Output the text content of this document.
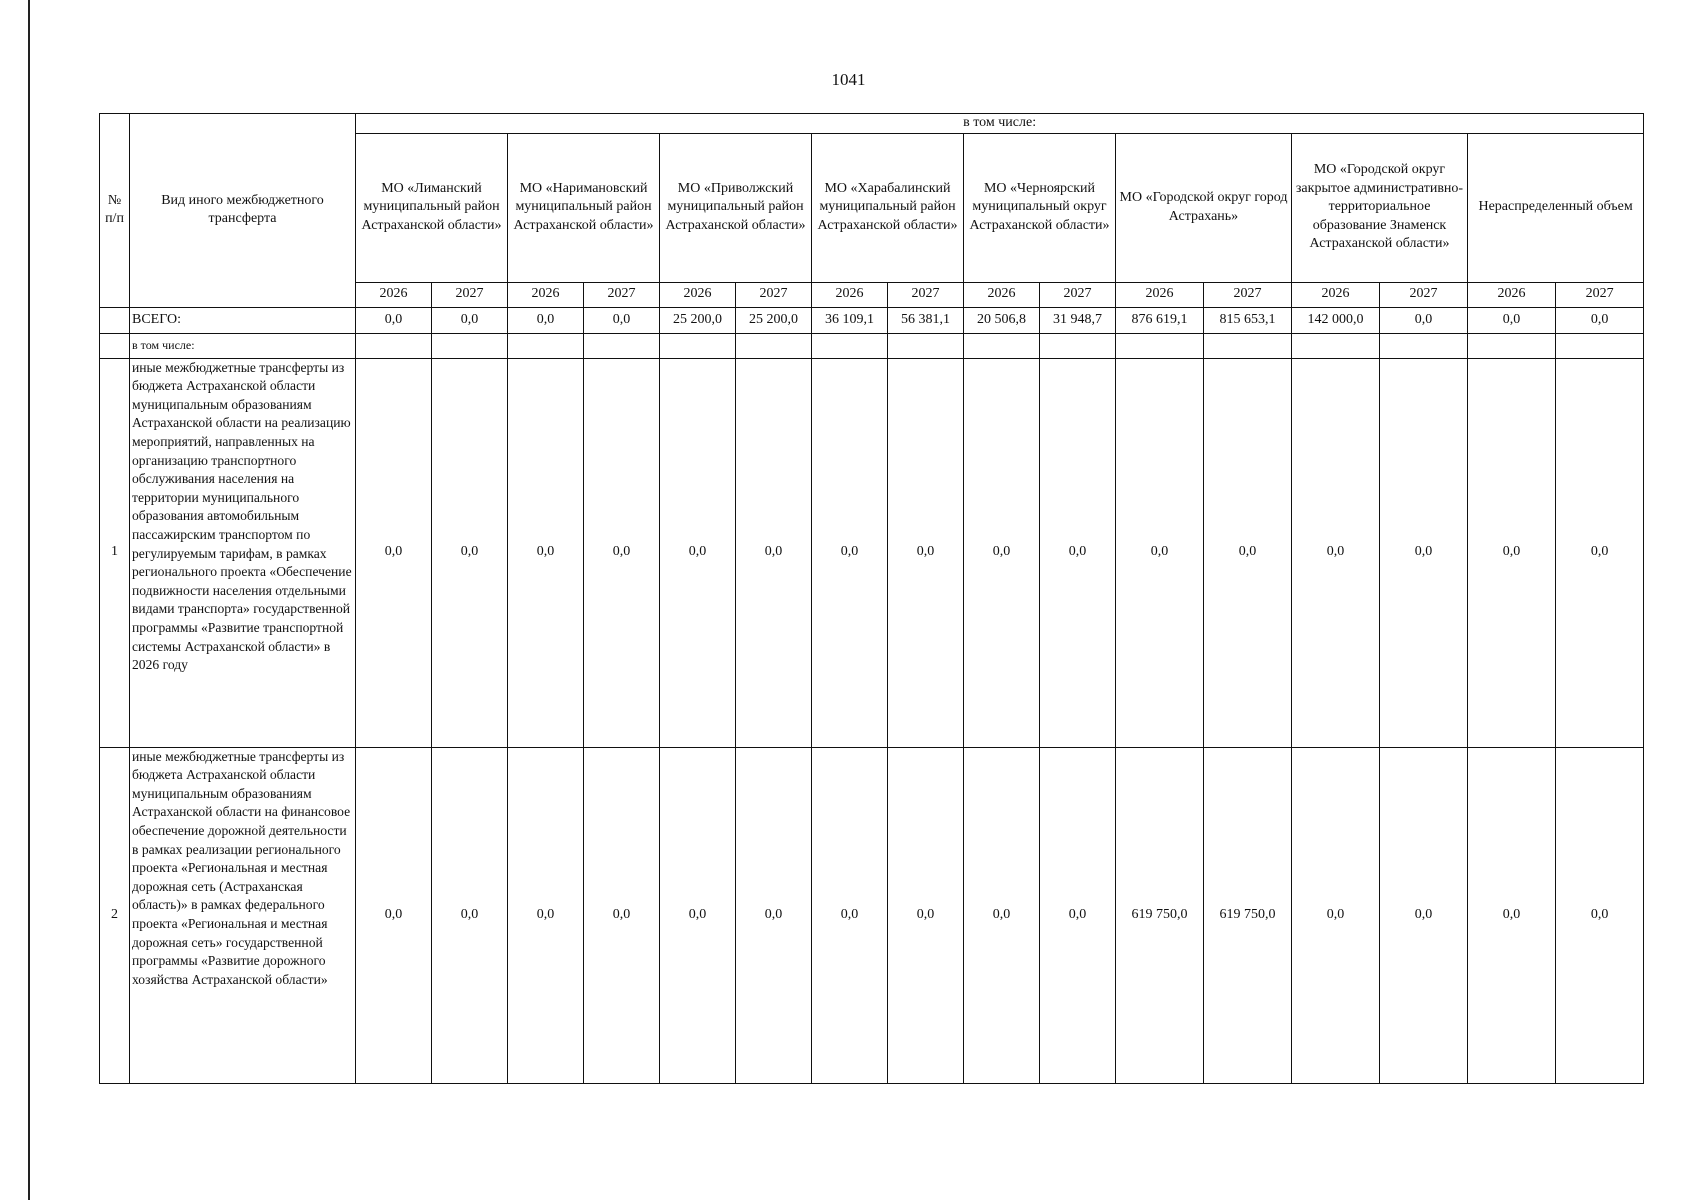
1041
№ п/п	Вид иного межбюджетного трансферта	в том числе:															
		МО «Лиманский муниципальный район Астраханской области»		МО «Наримановский муниципальный район Астраханской области»		МО «Приволжский муниципальный район Астраханской области»		МО «Харабалинский муниципальный район Астраханской области»		МО «Черноярский муниципальный округ Астраханской области»		МО «Городской округ город Астрахань»		МО «Городской округ закрытое административно-территориальное образование Знаменск Астраханской области»		Нераспределенный объем	
		2026	2027	2026	2027	2026	2027	2026	2027	2026	2027	2026	2027	2026	2027	2026	2027
	ВСЕГО:	0,0	0,0	0,0	0,0	25 200,0	25 200,0	36 109,1	56 381,1	20 506,8	31 948,7	876 619,1	815 653,1	142 000,0	0,0	0,0	0,0
	в том числе:																
1	иные межбюджетные трансферты из бюджета Астраханской области муниципальным образованиям Астраханской области на реализацию мероприятий, направленных на организацию транспортного обслуживания населения на территории муниципального образования автомобильным пассажирским транспортом по регулируемым тарифам, в рамках регионального проекта «Обеспечение подвижности населения отдельными видами транспорта» государственной программы «Развитие транспортной системы Астраханской области» в 2026 году	0,0	0,0	0,0	0,0	0,0	0,0	0,0	0,0	0,0	0,0	0,0	0,0	0,0	0,0	0,0	0,0
2	иные межбюджетные трансферты из бюджета Астраханской области муниципальным образованиям Астраханской области на финансовое обеспечение дорожной деятельности в рамках реализации регионального проекта «Региональная и местная дорожная сеть (Астраханская область)» в рамках федерального проекта «Региональная и местная дорожная сеть» государственной программы «Развитие дорожного хозяйства Астраханской области»	0,0	0,0	0,0	0,0	0,0	0,0	0,0	0,0	0,0	0,0	619 750,0	619 750,0	0,0	0,0	0,0	0,0
